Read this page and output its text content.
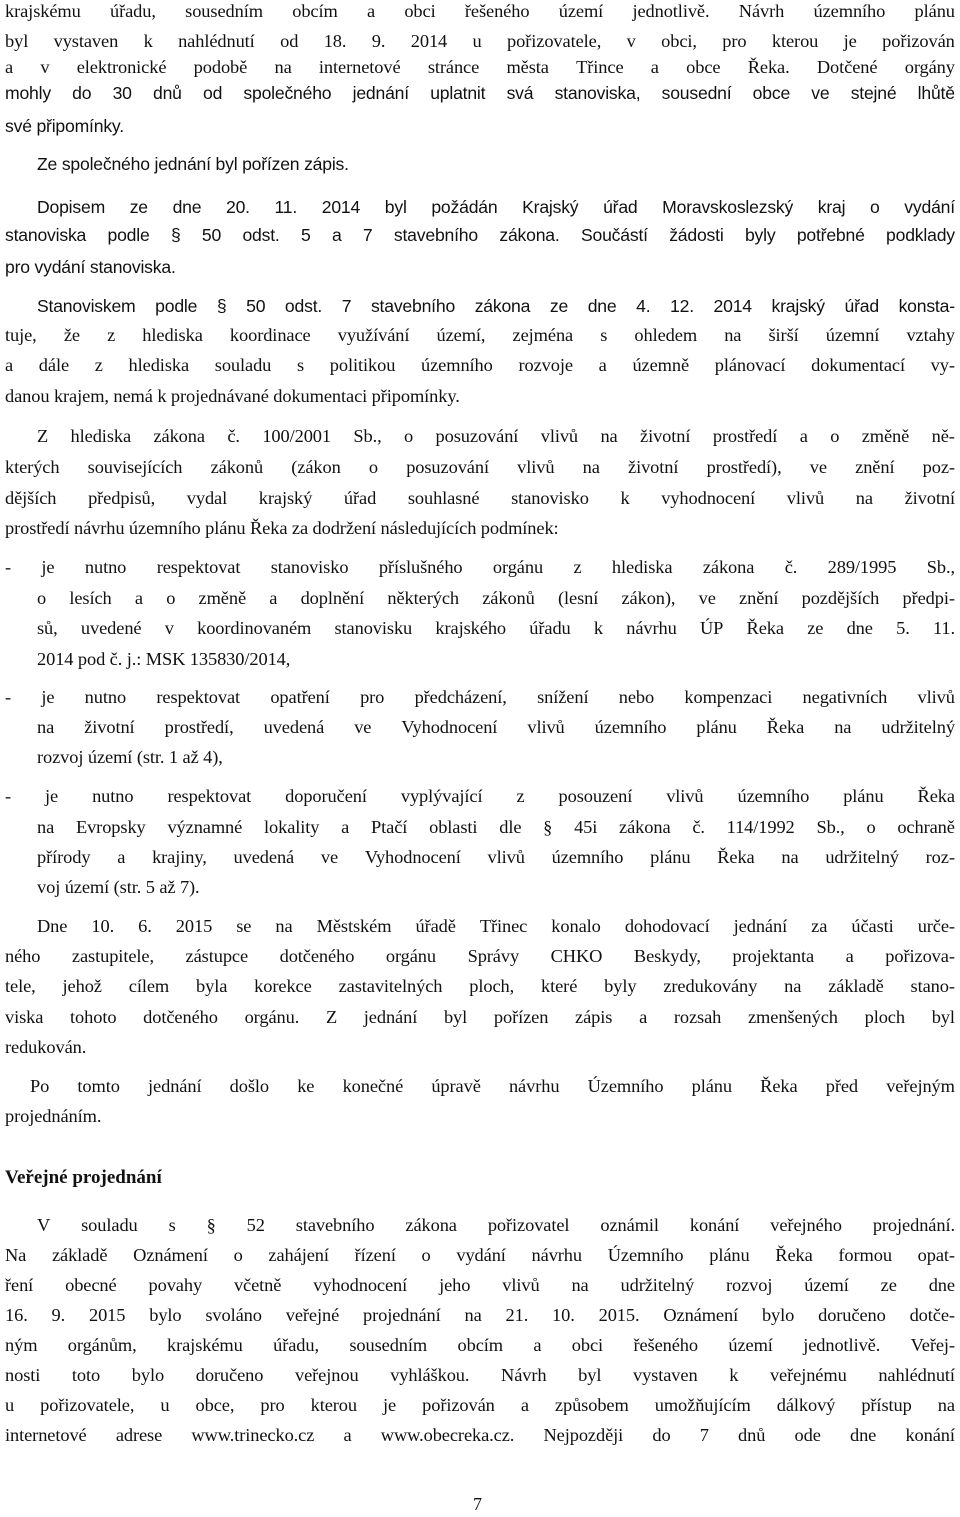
krajskému úřadu, sousedním obcím a obci řešeného území jednotlivě. Návrh územního plánu
byl vystaven k nahlédnutí od 18. 9. 2014 u pořizovatele, v obci, pro kterou je pořizován
a v elektronické podobě na internetové stránce města Třince a obce Řeka. Dotčené orgány
mohly do 30 dnů od společného jednání uplatnit svá stanoviska, sousední obce ve stejné lhůtě
své připomínky.
Ze společného jednání byl pořízen zápis.
Dopisem ze dne 20. 11. 2014 byl požádán Krajský úřad Moravskoslezský kraj o vydání
stanoviska podle § 50 odst. 5 a 7 stavebního zákona. Součástí žádosti byly potřebné podklady
pro vydání stanoviska.
Stanoviskem podle § 50 odst. 7 stavebního zákona ze dne 4. 12. 2014 krajský úřad konsta-
tuje, že z hlediska koordinace využívání území, zejména s ohledem na širší územní vztahy
a dále z hlediska souladu s politikou územního rozvoje a územně plánovací dokumentací vy-
danou krajem, nemá k projednávané dokumentaci připomínky.
Z hlediska zákona č. 100/2001 Sb., o posuzování vlivů na životní prostředí a o změně ně-
kterých souvisejících zákonů (zákon o posuzování vlivů na životní prostředí), ve znění poz-
dějších předpisů, vydal krajský úřad souhlasné stanovisko k vyhodnocení vlivů na životní
prostředí návrhu územního plánu Řeka za dodržení následujících podmínek:
- je nutno respektovat stanovisko příslušného orgánu z hlediska zákona č. 289/1995 Sb.,
o lesích a o změně a doplnění některých zákonů (lesní zákon), ve znění pozdějších předpi-
sů, uvedené v koordinovaném stanovisku krajského úřadu k návrhu ÚP Řeka ze dne 5. 11.
2014 pod č. j.: MSK 135830/2014,
- je nutno respektovat opatření pro předcházení, snížení nebo kompenzaci negativních vlivů
na životní prostředí, uvedená ve Vyhodnocení vlivů územního plánu Řeka na udržitelný
rozvoj území (str. 1 až 4),
- je nutno respektovat doporučení vyplývající z posouzení vlivů územního plánu Řeka
na Evropsky významné lokality a Ptačí oblasti dle § 45i zákona č. 114/1992 Sb., o ochraně
přírody a krajiny, uvedená ve Vyhodnocení vlivů územního plánu Řeka na udržitelný roz-
voj území (str. 5 až 7).
Dne 10. 6. 2015 se na Městském úřadě Třinec konalo dohodovací jednání za účasti urče-
ného zastupitele, zástupce dotčeného orgánu Správy CHKO Beskydy, projektanta a pořizova-
tele, jehož cílem byla korekce zastavitelných ploch, které byly zredukovány na základě stano-
viska tohoto dotčeného orgánu. Z jednání byl pořízen zápis a rozsah zmenšených ploch byl
redukován.
Po tomto jednání došlo ke konečné úpravě návrhu Územního plánu Řeka před veřejným
projednáním.
Veřejné projednání
V souladu s § 52 stavebního zákona pořizovatel oznámil konání veřejného projednání.
Na základě Oznámení o zahájení řízení o vydání návrhu Územního plánu Řeka formou opat-
ření obecné povahy včetně vyhodnocení jeho vlivů na udržitelný rozvoj území ze dne
16. 9. 2015 bylo svoláno veřejné projednání na 21. 10. 2015. Oznámení bylo doručeno dotče-
ným orgánům, krajskému úřadu, sousedním obcím a obci řešeného území jednotlivě. Veřej-
nosti toto bylo doručeno veřejnou vyhláškou. Návrh byl vystaven k veřejnému nahlédnutí
u pořizovatele, u obce, pro kterou je pořizován a způsobem umožňujícím dálkový přístup na
internetové adrese www.trinecko.cz a www.obecreka.cz. Nejpozději do 7 dnů ode dne konání
7
